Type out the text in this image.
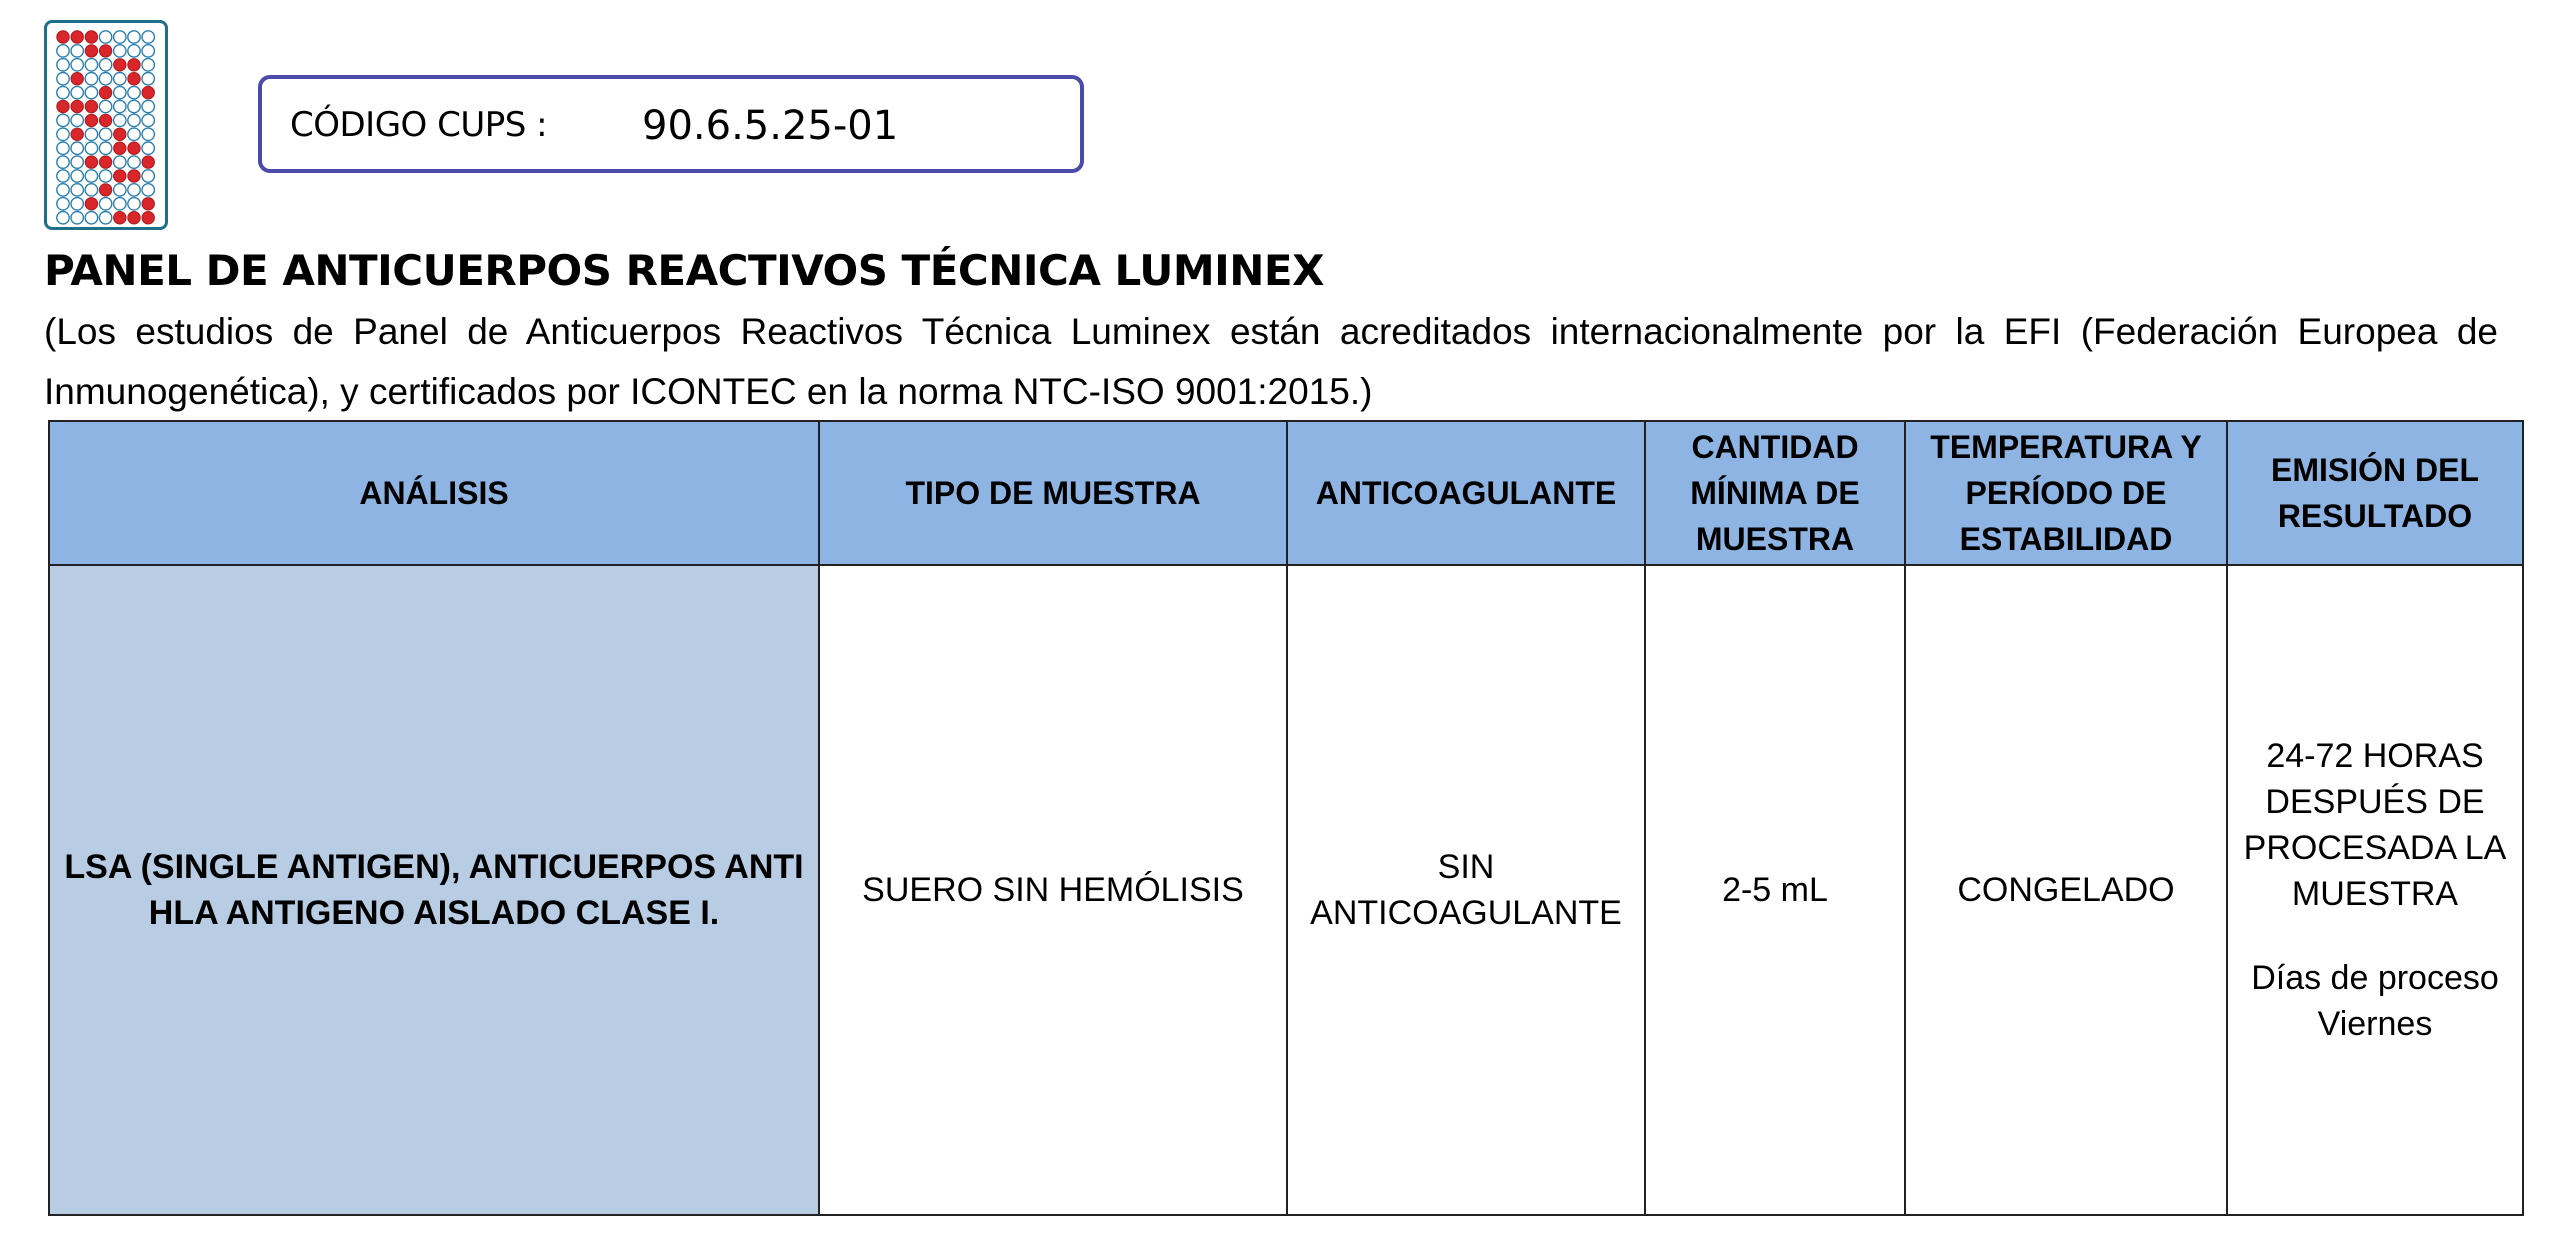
CÓDIGO CUPS : 90.6.5.25-01
PANEL DE ANTICUERPOS REACTIVOS TÉCNICA LUMINEX
(Los estudios de Panel de Anticuerpos Reactivos Técnica Luminex están acreditados internacionalmente por la EFI (Federación Europea de Inmunogenética), y certificados por ICONTEC en la norma NTC-ISO 9001:2015.)
ANÁLISIS	TIPO DE MUESTRA	ANTICOAGULANTE	CANTIDAD MÍNIMA DE MUESTRA	TEMPERATURA Y PERÍODO DE ESTABILIDAD	EMISIÓN DEL RESULTADO
LSA (SINGLE ANTIGEN), ANTICUERPOS ANTI HLA ANTIGENO AISLADO CLASE I.	SUERO SIN HEMÓLISIS	SIN ANTICOAGULANTE	2-5 mL	CONGELADO	24-72 HORAS DESPUÉS DE PROCESADA LA MUESTRA
Días de proceso
Viernes
